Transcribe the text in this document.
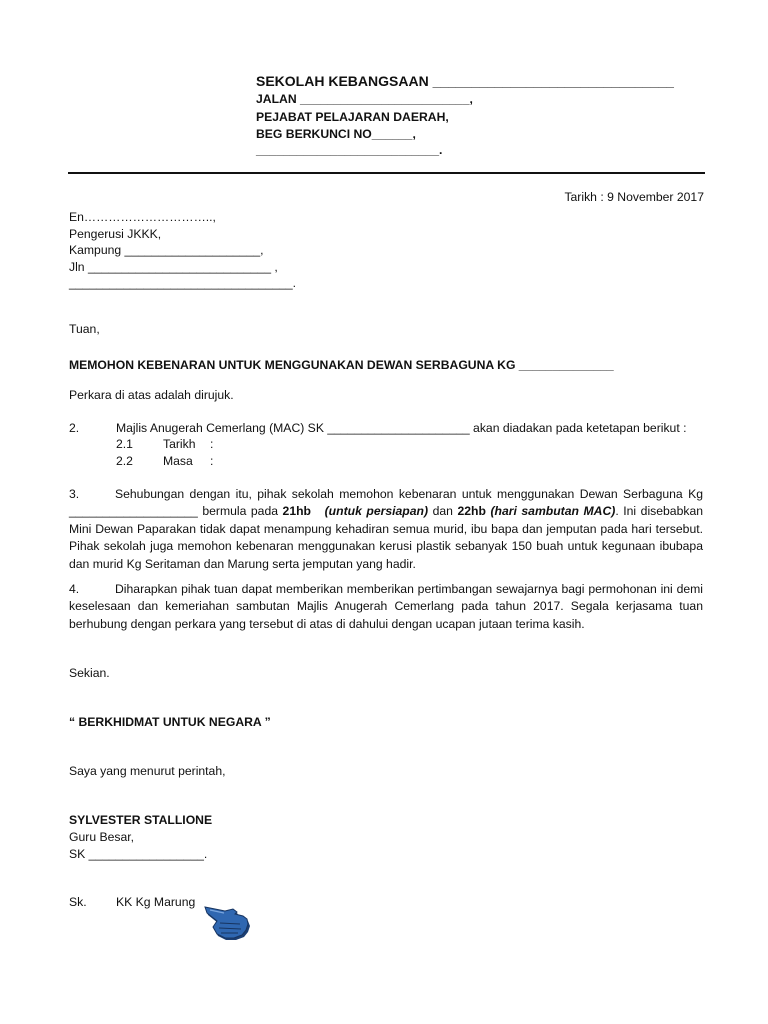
SEKOLAH KEBANGSAAN _______________________________
JALAN _________________________,
PEJABAT PELAJARAN DAERAH,
BEG BERKUNCI NO______,
___________________________.
Tarikh : 9 November 2017
En…………………………..,
Pengerusi JKKK,
Kampung ____________________,
Jln ___________________________ ,
_________________________________.
Tuan,
MEMOHON KEBENARAN UNTUK MENGGUNAKAN DEWAN SERBAGUNA KG ______________
Perkara di atas adalah dirujuk.
2.	Majlis Anugerah Cemerlang (MAC) SK _____________________ akan diadakan pada ketetapan berikut :
2.1 Tarikh :
2.2 Masa :
3.	Sehubungan dengan itu, pihak sekolah memohon kebenaran untuk menggunakan Dewan Serbaguna Kg ___________________ bermula pada 21hb (untuk persiapan) dan 22hb (hari sambutan MAC). Ini disebabkan Mini Dewan Paparakan tidak dapat menampung kehadiran semua murid, ibu bapa dan jemputan pada hari tersebut. Pihak sekolah juga memohon kebenaran menggunakan kerusi plastik sebanyak 150 buah untuk kegunaan ibubapa dan murid Kg Seritaman dan Marung serta jemputan yang hadir.
4.	Diharapkan pihak tuan dapat memberikan memberikan pertimbangan sewajarnya bagi permohonan ini demi keselesaan dan kemeriahan sambutan Majlis Anugerah Cemerlang pada tahun 2017. Segala kerjasama tuan berhubung dengan perkara yang tersebut di atas di dahului dengan ucapan jutaan terima kasih.
Sekian.
“ BERKHIDMAT UNTUK NEGARA ”
Saya yang menurut perintah,
SYLVESTER STALLIONE
Guru Besar,
SK _________________.
Sk. KK Kg Marung
